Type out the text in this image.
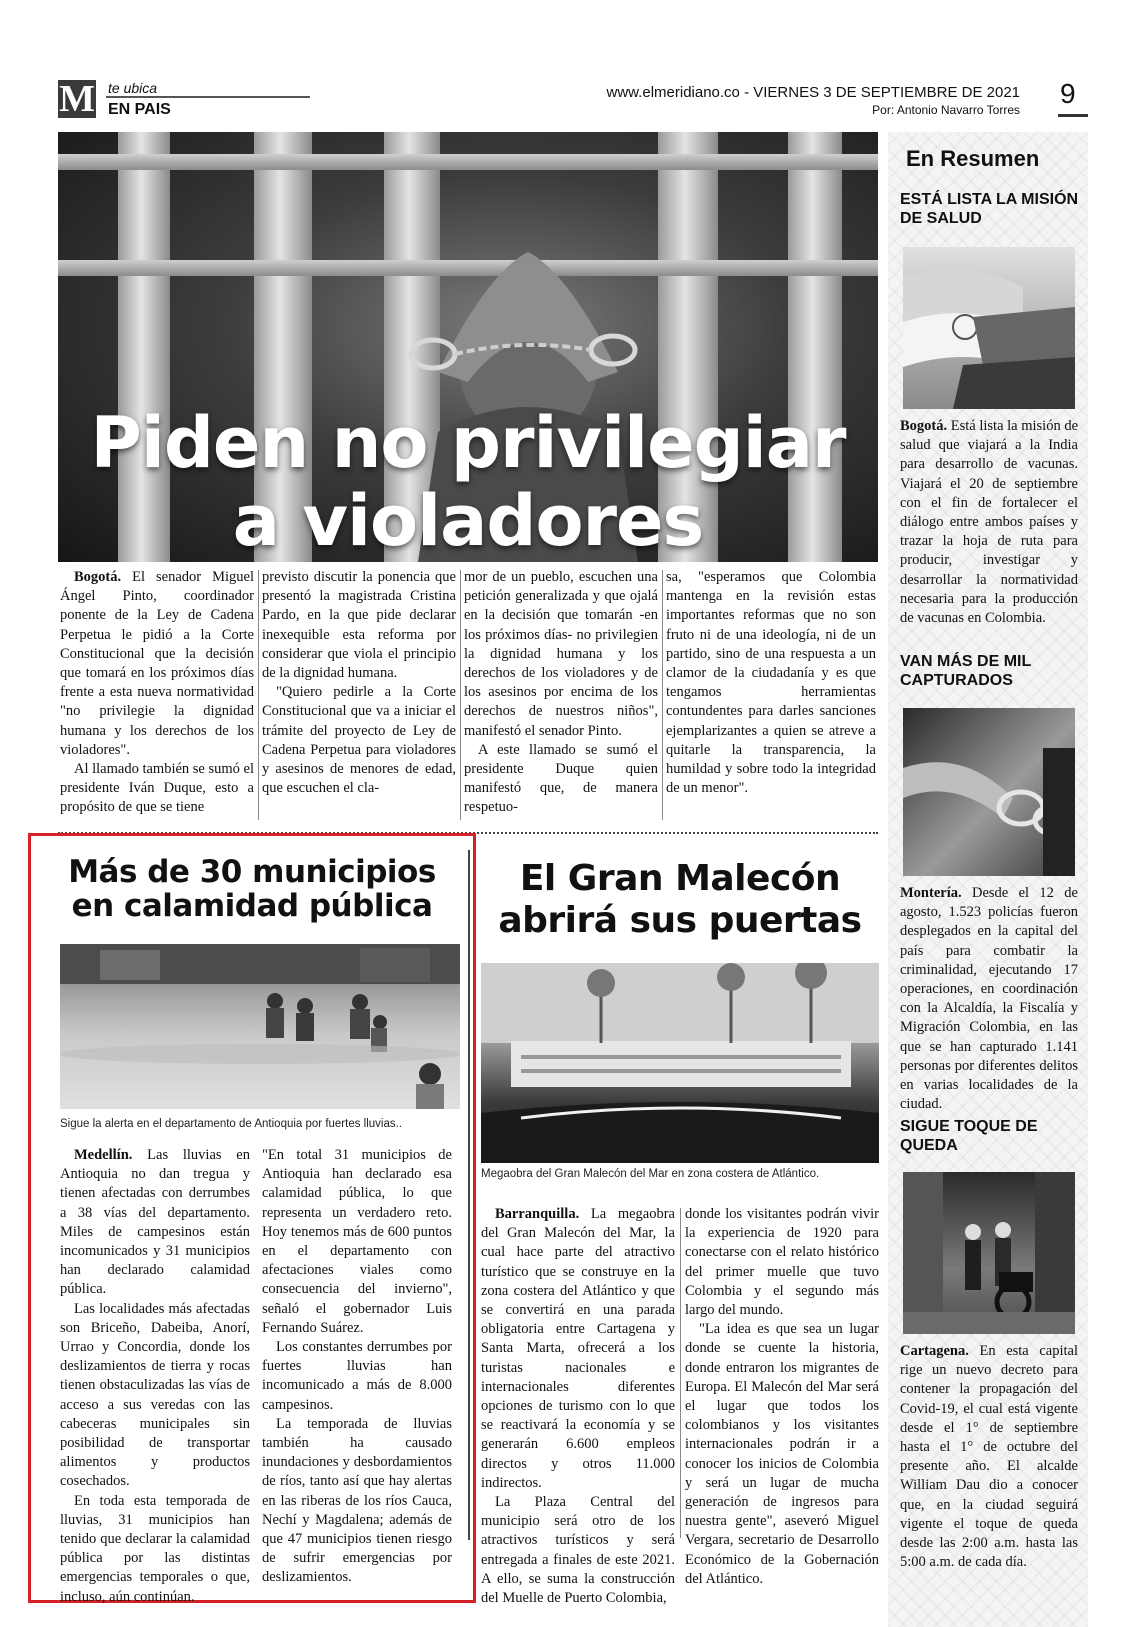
M te ubica
EN PAIS
www.elmeridiano.co - VIERNES 3 DE SEPTIEMBRE DE 2021
Por: Antonio Navarro Torres
9
Piden no privilegiar
a violadores

Bogotá. El senador Miguel Ángel Pinto, coordinador ponente de la Ley de Cadena Perpetua le pidió a la Corte Constitucional que la decisión que tomará en los próximos días frente a esta nueva normatividad "no privilegie la dignidad humana y los derechos de los violadores".

Al llamado también se sumó el presidente Iván Duque, esto a propósito de que se tiene

previsto discutir la ponencia que presentó la magistrada Cristina Pardo, en la que pide declarar inexequible esta reforma por considerar que viola el principio de la dignidad humana.

"Quiero pedirle a la Corte Constitucional que va a iniciar el trámite del proyecto de Ley de Cadena Perpetua para violadores y asesinos de menores de edad, que escuchen el cla-

mor de un pueblo, escuchen una petición generalizada y que ojalá en la decisión que tomarán -en los próximos días- no privilegien la dignidad humana y los derechos de los violadores y de los asesinos por encima de los derechos de nuestros niños", manifestó el senador Pinto.

A este llamado se sumó el presidente Duque quien manifestó que, de manera respetuo-

sa, "esperamos que Colombia mantenga en la revisión estas importantes reformas que no son fruto ni de una ideología, ni de un partido, sino de una respuesta a un clamor de la ciudadanía y es que tengamos herramientas contundentes para darles sanciones ejemplarizantes a quien se atreve a quitarle la transparencia, la humildad y sobre todo la integridad de un menor".

Más de 30 municipios
en calamidad pública
Sigue la alerta en el departamento de Antioquia por fuertes lluvias..

Medellín. Las lluvias en Antioquia no dan tregua y tienen afectadas con derrumbes a 38 vías del departamento. Miles de campesinos están incomunicados y 31 municipios han declarado calamidad pública.

Las localidades más afectadas son Briceño, Dabeiba, Anorí, Urrao y Concordia, donde los deslizamientos de tierra y rocas tienen obstaculizadas las vías de acceso a sus veredas con las cabeceras municipales sin posibilidad de transportar alimentos y productos cosechados.

En toda esta temporada de lluvias, 31 municipios han tenido que declarar la calamidad pública por las distintas emergencias temporales o que, incluso, aún continúan.

"En total 31 municipios de Antioquia han declarado esa calamidad pública, lo que representa un verdadero reto. Hoy tenemos más de 600 puntos en el departamento con afectaciones viales como consecuencia del invierno", señaló el gobernador Luis Fernando Suárez.

Los constantes derrumbes por fuertes lluvias han incomunicado a más de 8.000 campesinos.

La temporada de lluvias también ha causado inundaciones y desbordamientos de ríos, tanto así que hay alertas en las riberas de los ríos Cauca, Nechí y Magdalena; además de que 47 municipios tienen riesgo de sufrir emergencias por deslizamientos.

El Gran Malecón
abrirá sus puertas
Megaobra del Gran Malecón del Mar en zona costera de Atlántico.

Barranquilla. La megaobra del Gran Malecón del Mar, la cual hace parte del atractivo turístico que se construye en la zona costera del Atlántico y que se convertirá en una parada obligatoria entre Cartagena y Santa Marta, ofrecerá a los turistas nacionales e internacionales diferentes opciones de turismo con lo que se reactivará la economía y se generarán 6.600 empleos directos y otros 11.000 indirectos.

La Plaza Central del municipio será otro de los atractivos turísticos y será entregada a finales de este 2021. A ello, se suma la construcción del Muelle de Puerto Colombia,

donde los visitantes podrán vivir la experiencia de 1920 para conectarse con el relato histórico del primer muelle que tuvo Colombia y el segundo más largo del mundo.

"La idea es que sea un lugar donde se cuente la historia, donde entraron los migrantes de Europa. El Malecón del Mar será el lugar que todos los colombianos y los visitantes internacionales podrán ir a conocer los inicios de Colombia y será un lugar de mucha generación de ingresos para nuestra gente", aseveró Miguel Vergara, secretario de Desarrollo Económico de la Gobernación del Atlántico.

En Resumen
ESTÁ LISTA LA MISIÓN DE SALUD

Bogotá. Está lista la misión de salud que viajará a la India para desarrollo de vacunas. Viajará el 20 de septiembre con el fin de fortalecer el diálogo entre ambos países y trazar la hoja de ruta para producir, investigar y desarrollar la normatividad necesaria para la producción de vacunas en Colombia.

VAN MÁS DE MIL CAPTURADOS

Montería. Desde el 12 de agosto, 1.523 policías fueron desplegados en la capital del país para combatir la criminalidad, ejecutando 17 operaciones, en coordinación con la Alcaldía, la Fiscalía y Migración Colombia, en las que se han capturado 1.141 personas por diferentes delitos en varias localidades de la ciudad.

SIGUE TOQUE DE QUEDA

Cartagena. En esta capital rige un nuevo decreto para contener la propagación del Covid-19, el cual está vigente desde el 1° de septiembre hasta el 1° de octubre del presente año. El alcalde William Dau dio a conocer que, en la ciudad seguirá vigente el toque de queda desde las 2:00 a.m. hasta las 5:00 a.m. de cada día.
